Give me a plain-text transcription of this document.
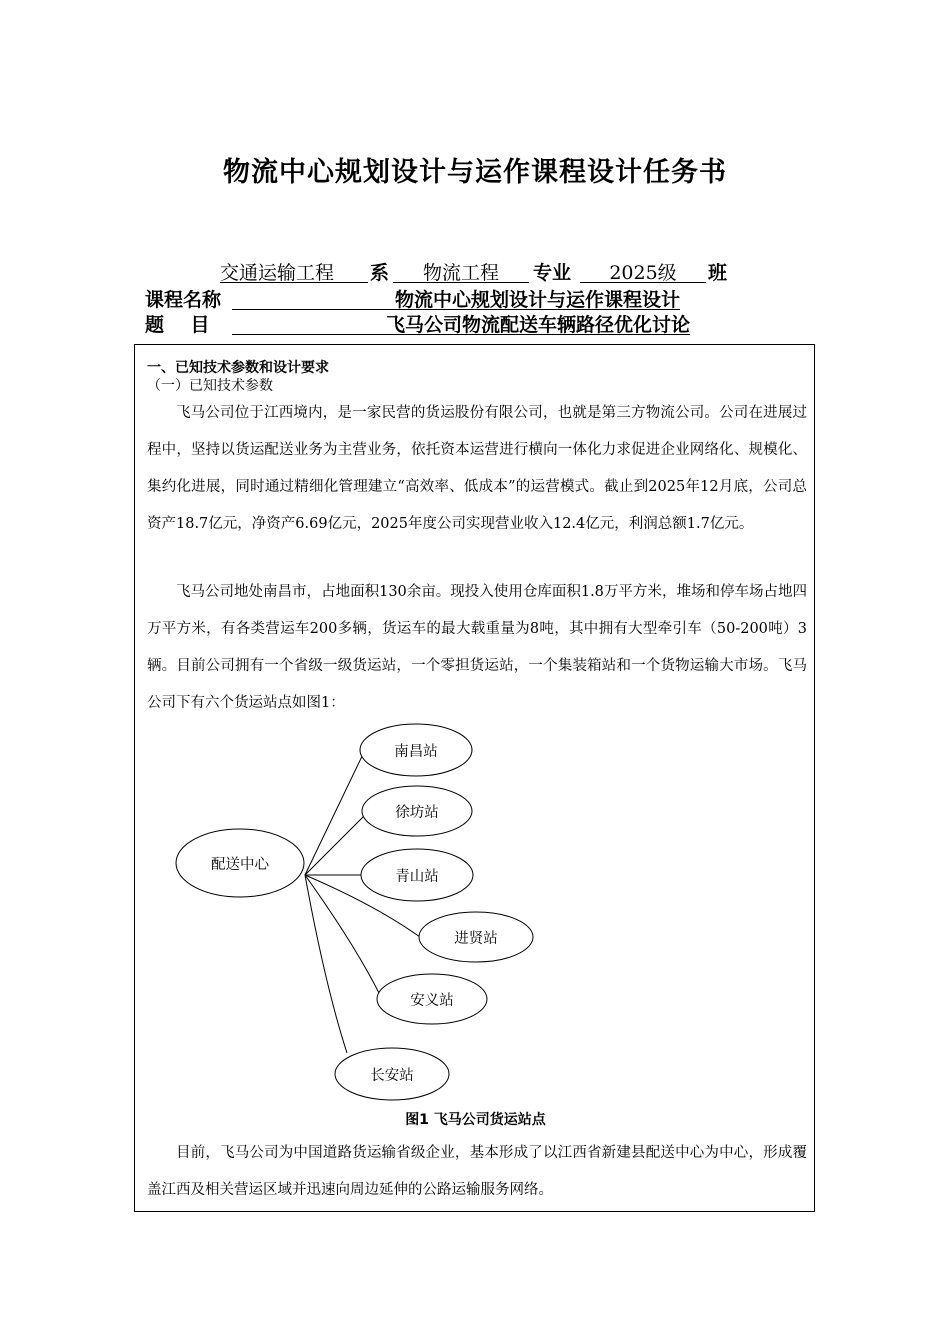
物流中心规划设计与运作课程设计任务书
交通运输工程	系	物流工程	专业	2025级	班
课程名称	物流中心规划设计与运作课程设计
题    目	飞马公司物流配送车辆路径优化讨论
一、已知技术参数和设计要求
（一）已知技术参数

飞马公司位于江西境内，是一家民营的货运股份有限公司，也就是第三方物流公司。公司在进展过程中，坚持以货运配送业务为主营业务，依托资本运营进行横向一体化力求促进企业网络化、规模化、集约化进展，同时通过精细化管理建立“高效率、低成本”的运营模式。截止到2025年12月底，公司总资产18.7亿元，净资产6.69亿元，2025年度公司实现营业收入12.4亿元，利润总额1.7亿元。

飞马公司地处南昌市，占地面积130余亩。现投入使用仓库面积1.8万平方米，堆场和停车场占地四万平方米，有各类营运车200多辆，货运车的最大载重量为8吨，其中拥有大型牵引车（50-200吨）3辆。目前公司拥有一个省级一级货运站，一个零担货运站，一个集装箱站和一个货物运输大市场。飞马公司下有六个货运站点如图1：

配送中心
南昌站
徐坊站
青山站
进贤站
安义站
长安站
图1 飞马公司货运站点

目前，飞马公司为中国道路货运输省级企业，基本形成了以江西省新建县配送中心为中心，形成覆盖江西及相关营运区域并迅速向周边延伸的公路运输服务网络。
